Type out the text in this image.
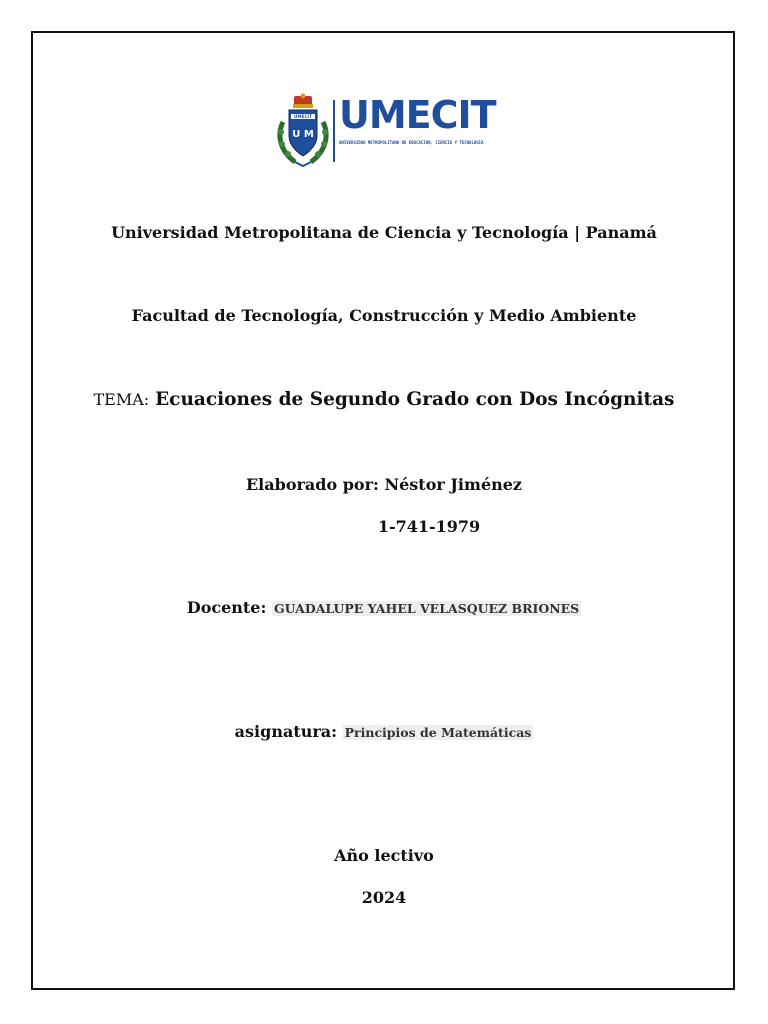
UMECIT
U M UMECIT
UNIVERSIDAD METROPOLITANA DE EDUCACIÓN, CIENCIA Y TECNOLOGÍA
Universidad Metropolitana de Ciencia y Tecnología | Panamá
Facultad de Tecnología, Construcción y Medio Ambiente
TEMA: Ecuaciones de Segundo Grado con Dos Incógnitas
Elaborado por: Néstor Jiménez
1-741-1979
Docente: GUADALUPE YAHEL VELASQUEZ BRIONES
asignatura: Principios de Matemáticas
Año lectivo
2024
